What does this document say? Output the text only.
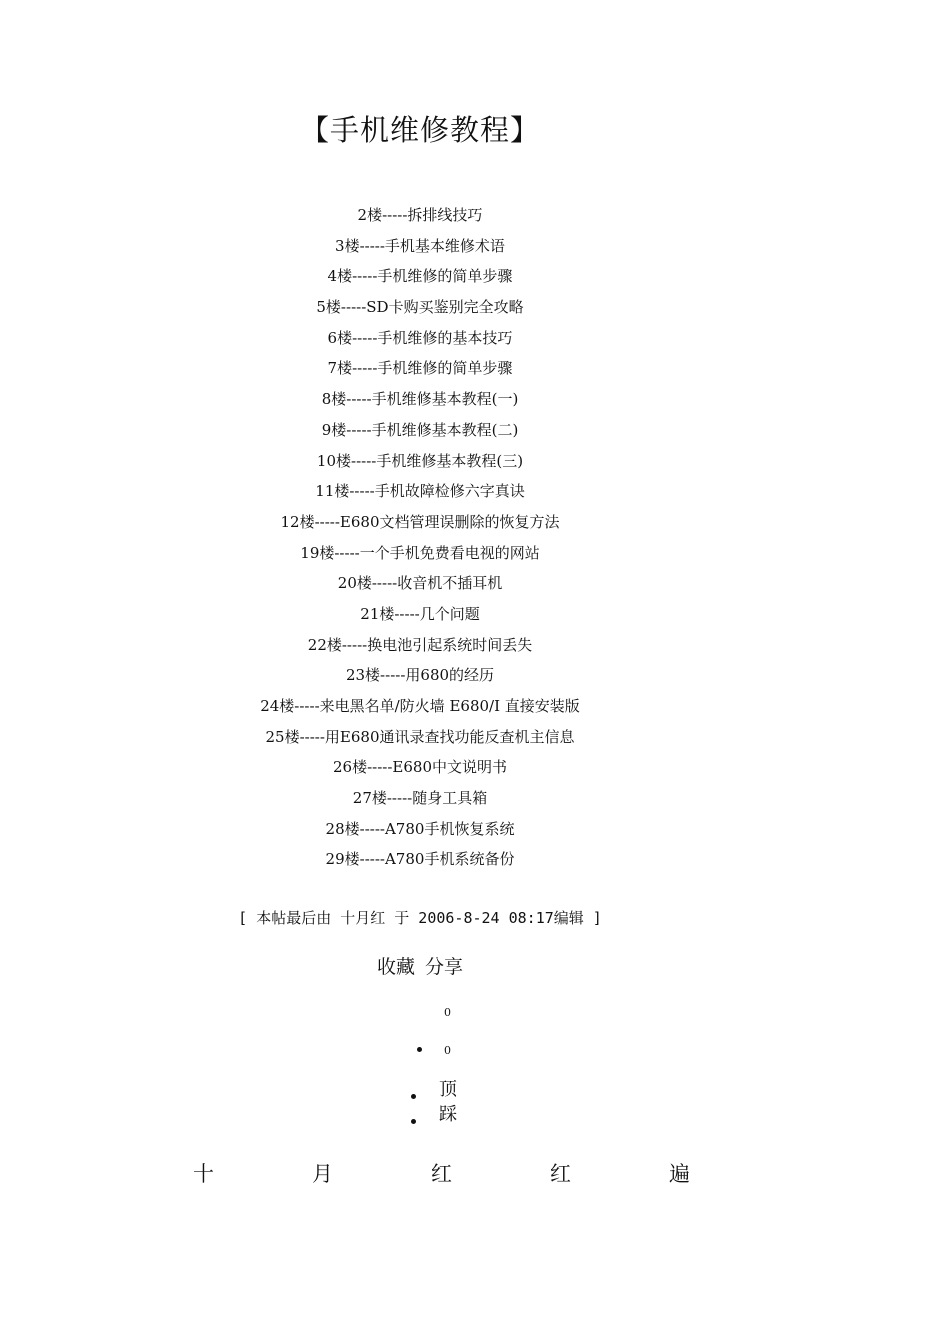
【手机维修教程】
2楼-----拆排线技巧
3楼-----手机基本维修术语
4楼-----手机维修的简单步骤
5楼-----SD卡购买鉴别完全攻略
6楼-----手机维修的基本技巧
7楼-----手机维修的简单步骤
8楼-----手机维修基本教程(一)
9楼-----手机维修基本教程(二)
10楼-----手机维修基本教程(三)
11楼-----手机故障检修六字真诀
12楼-----E680文档管理误删除的恢复方法
19楼-----一个手机免费看电视的网站
20楼-----收音机不插耳机
21楼-----几个问题
22楼-----换电池引起系统时间丢失
23楼-----用680的经历
24楼-----来电黑名单/防火墙 E680/I 直接安装版
25楼-----用E680通讯录查找功能反查机主信息
26楼-----E680中文说明书
27楼-----随身工具箱
28楼-----A780手机恢复系统
29楼-----A780手机系统备份
[ 本帖最后由 十月红 于 2006-8-24 08:17编辑 ]
收藏 分享
0
0
顶
踩
十	月	红	红	遍
